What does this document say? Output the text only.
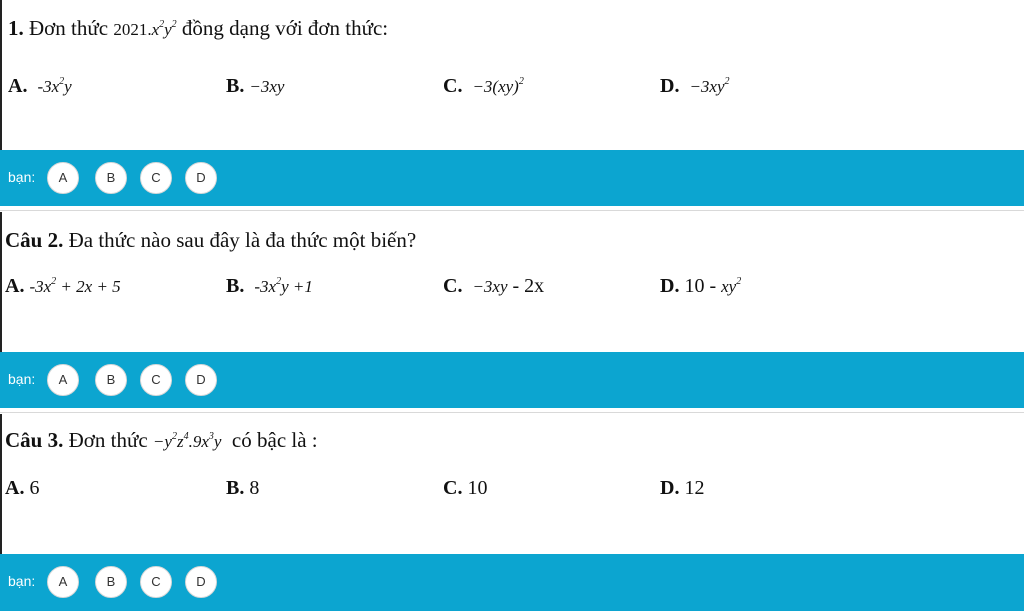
1. Đơn thức $2021.x^2y^2$ đồng dạng với đơn thức:
A. $-3x^2y$	B. −3xy	C. −3(xy)$^2$	D. $-3xy^2$
bạn:	A	B	C	D
Câu 2. Đa thức nào sau đây là đa thức một biến?
A. $-3x^2 + 2x + 5$	B. $-3x^2y +1$	C. −3xy - 2x	D. $10 - xy^2$
bạn:	A	B	C	D
Câu 3. Đơn thức $-y^2z^4.9x^3y$ có bậc là :
A. 6	B. 8	C. 10	D. 12
bạn:	A	B	C	D
